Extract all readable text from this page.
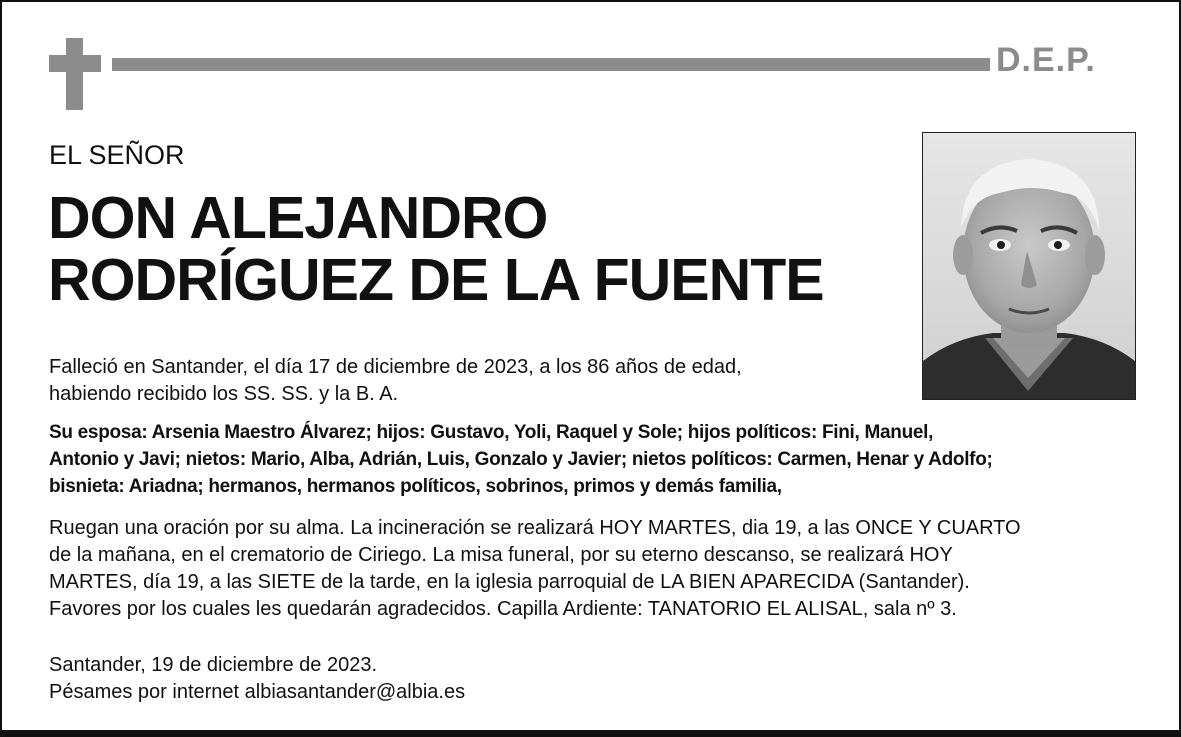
D.E.P.
EL SEÑOR
DON ALEJANDRO
RODRÍGUEZ DE LA FUENTE
Falleció en Santander, el día 17 de diciembre de 2023, a los 86 años de edad,
habiendo recibido los SS. SS. y la B. A.
Su esposa: Arsenia Maestro Álvarez; hijos: Gustavo, Yoli, Raquel y Sole; hijos políticos: Fini, Manuel,
Antonio y Javi; nietos: Mario, Alba, Adrián, Luis, Gonzalo y Javier; nietos políticos: Carmen, Henar y Adolfo;
bisnieta: Ariadna; hermanos, hermanos políticos, sobrinos, primos y demás familia,
Ruegan una oración por su alma. La incineración se realizará HOY MARTES, dia 19, a las ONCE Y CUARTO
de la mañana, en el crematorio de Ciriego. La misa funeral, por su eterno descanso, se realizará HOY
MARTES, día 19, a las SIETE de la tarde, en la iglesia parroquial de LA BIEN APARECIDA (Santander).
Favores por los cuales les quedarán agradecidos. Capilla Ardiente: TANATORIO EL ALISAL, sala nº 3.
Santander, 19 de diciembre de 2023.
Pésames por internet albiasantander@albia.es
